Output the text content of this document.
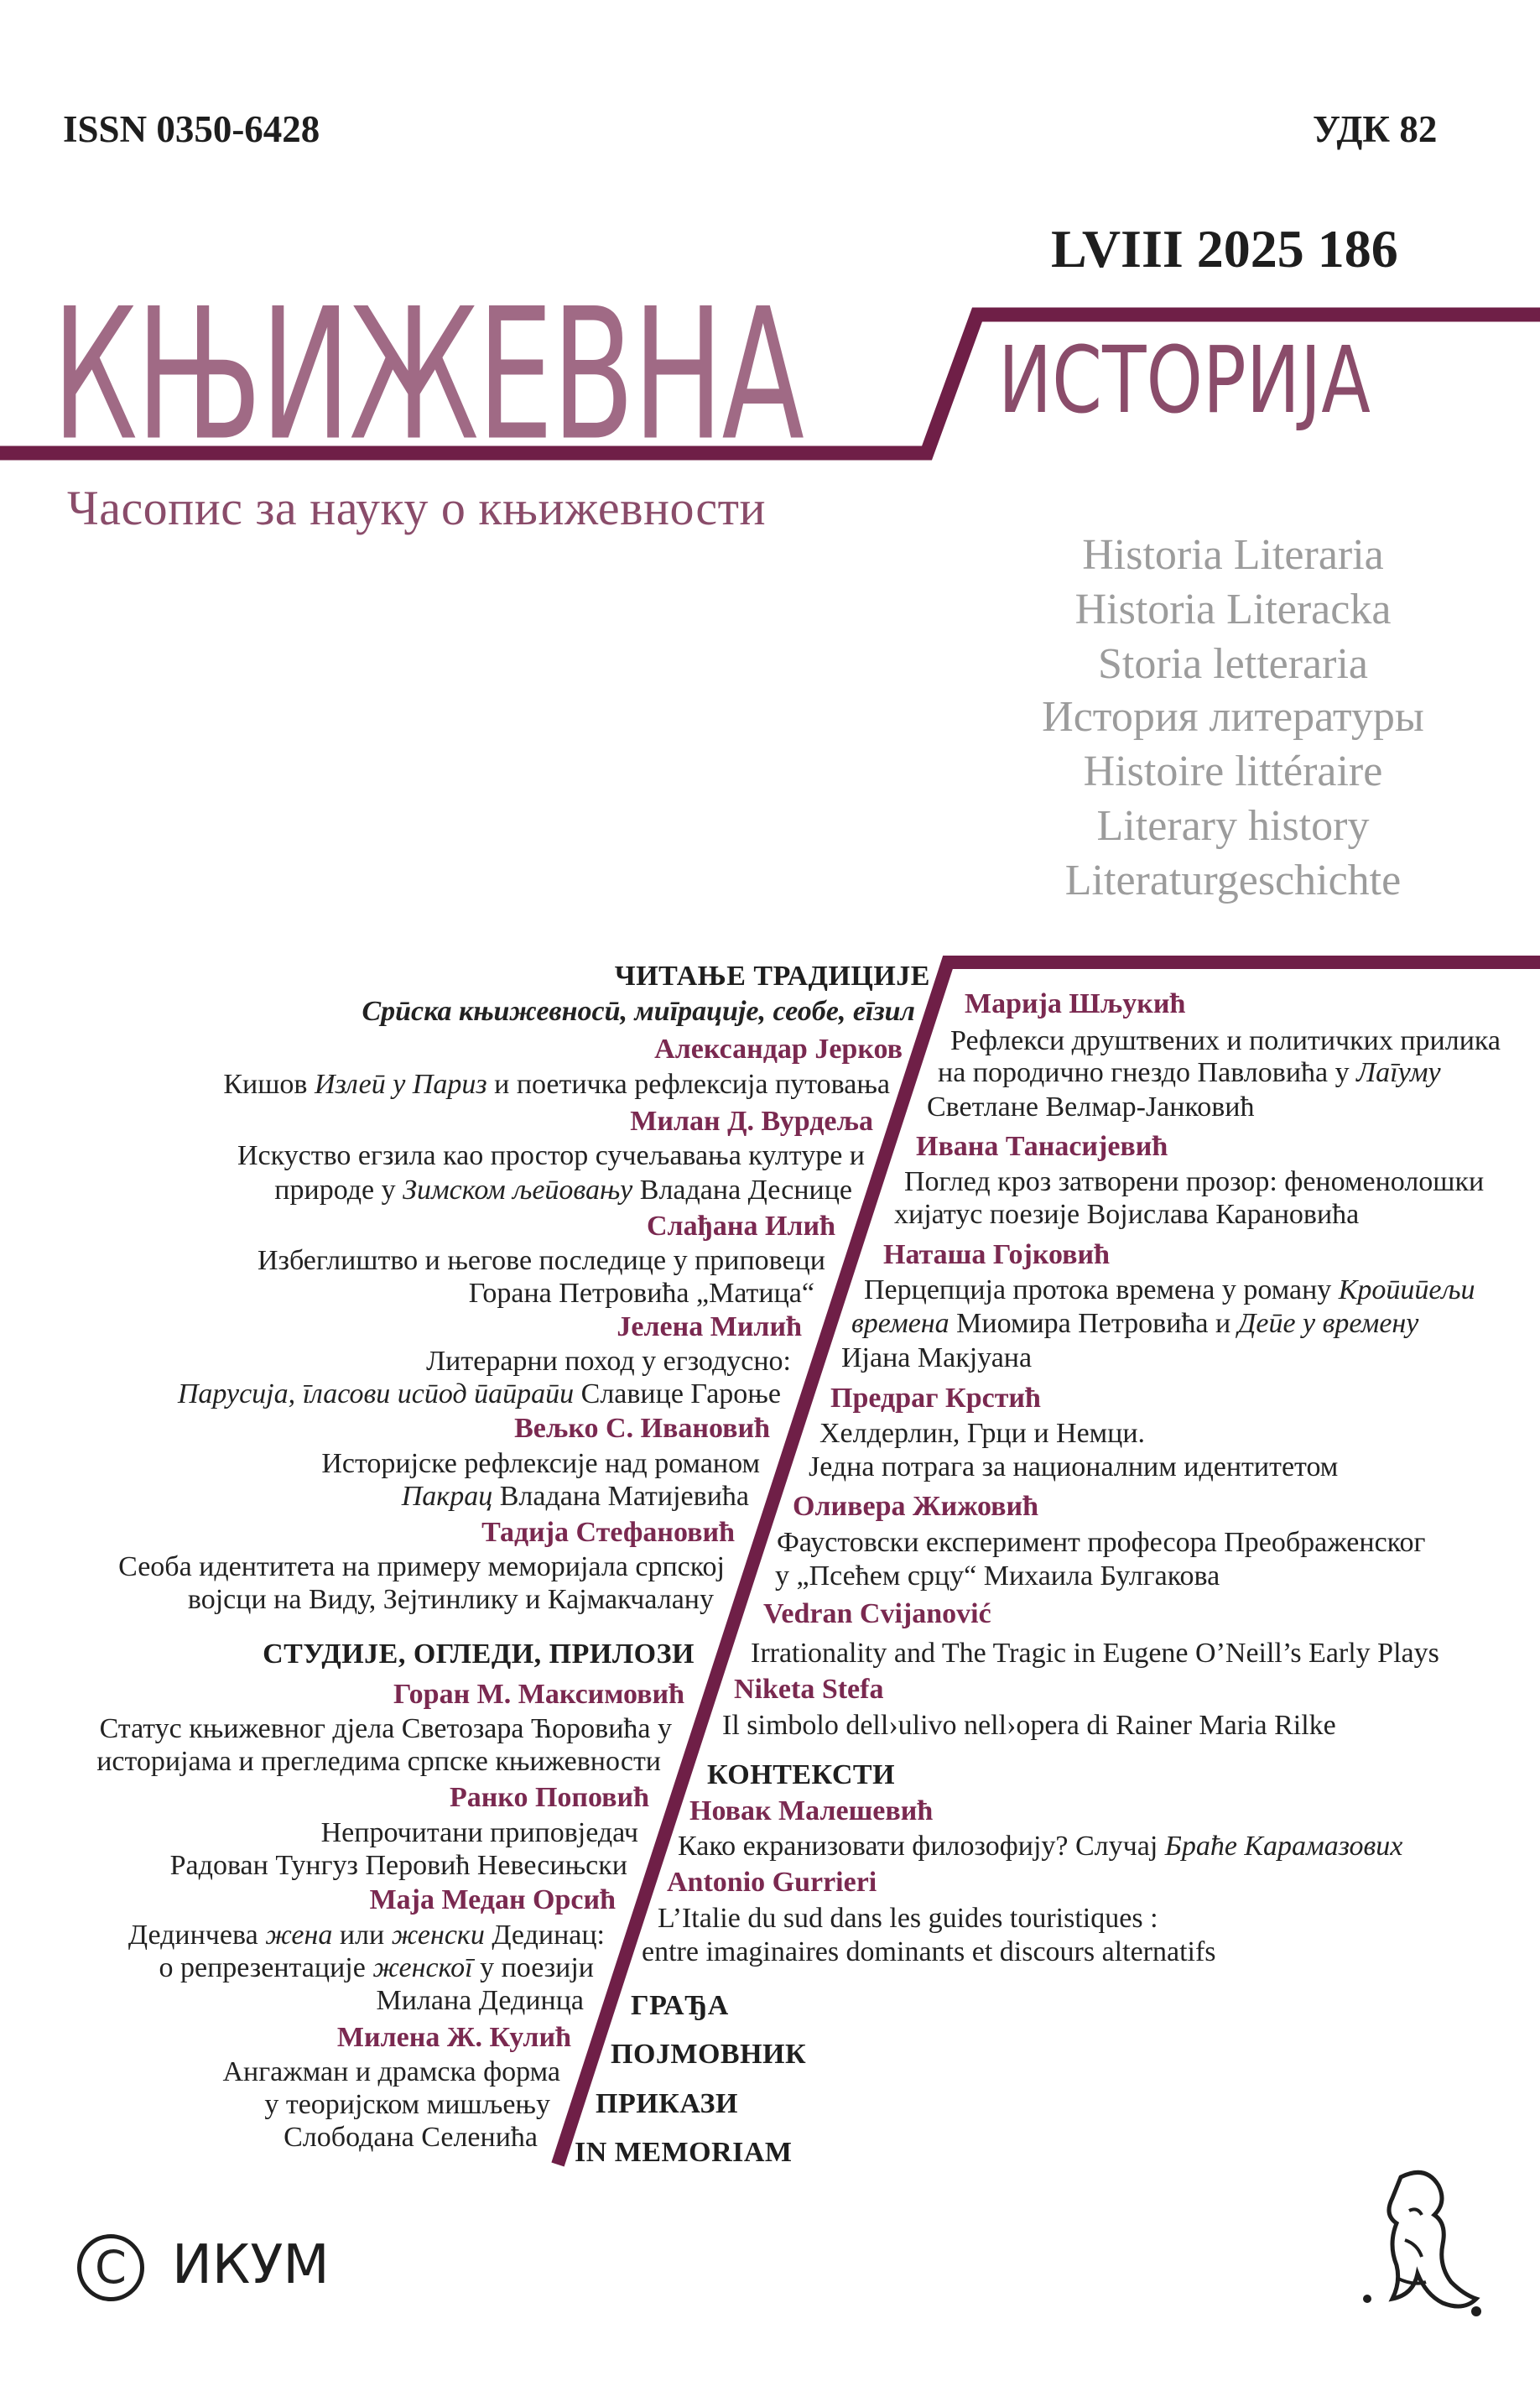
ISSN 0350-6428	УДК 82
LVIII 2025 186
КЊИЖЕВНА ИСТОРИЈА
Часопис за науку о књижевности
Historia Literaria
Historia Literacka
Storia letteraria
История литературы
Histoire littéraire
Literary history
Literaturgeschichte
ЧИТАЊЕ ТРАДИЦИЈЕ
Срӣска књижевносӣ, миīрације, сеобе, еīзил
Александар Јерков
Кишов Излеӣ у Париз и поетичка рефлексија путовања
Милан Д. Вурдеља
Искуство егзила као простор сучељавања културе и
природе у Зимском љеӣовању Владана Деснице
Слађана Илић
Избеглиштво и његове последице у приповеци
Горана Петровића „Матица“
Јелена Милић
Литерарни поход у егзодусно:
Парусија, īласови исӣод ӣаӣраӣи Славице Гароње
Вељко С. Ивановић
Историјске рефлексије над романом
Пакрац Владана Матијевића
Тадија Стефановић
Сеоба идентитета на примеру меморијала српској
војсци на Виду, Зејтинлику и Кајмакчалану
СТУДИЈЕ, ОГЛЕДИ, ПРИЛОЗИ
Горан М. Максимовић
Статус књижевног дјела Светозара Ћоровића у
историјама и прегледима српске књижевности
Ранко Поповић
Непрочитани приповједач
Радован Тунгуз Перовић Невесињски
Маја Медан Орсић
Дединчева жена или женски Дединац:
о репрезентације женскоī у поезији
Милана Дединца
Милена Ж. Кулић
Ангажман и драмска форма
у теоријском мишљењу
Слободана Селенића
Марија Шљукић
Рефлекси друштвених и политичких прилика
на породично гнездо Павловића у Лаīуму
Светлане Велмар-Јанковић
Ивана Танасијевић
Поглед кроз затворени прозор: феноменолошки
хијатус поезије Војислава Карановића
Наташа Гојковић
Перцепција протока времена у роману Кроӣиӣељи
времена Миомира Петровића и Деӣе у времену
Ијана Макјуана
Предраг Крстић
Хелдерлин, Грци и Немци.
Једна потрага за националним идентитетом
Оливера Жижовић
Фаустовски експеримент професора Преображенског
у „Псећем срцу“ Михаила Булгакова
Vedran Cvijanović
Irrationality and The Tragic in Eugene O’Neill’s Early Plays
Niketa Stefa
Il simbolo dell›ulivo nell›opera di Rainer Maria Rilke
КОНТЕКСТИ
Новак Малешевић
Како екранизовати филозофију? Случај Браће Карамазових
Antonio Gurrieri
L’Italie du sud dans les guides touristiques :
entre imaginaires dominants et discours alternatifs
ГРАЂА
ПОЈМОВНИК
ПРИКАЗИ
IN MEMORIAM
C ИКУМ
